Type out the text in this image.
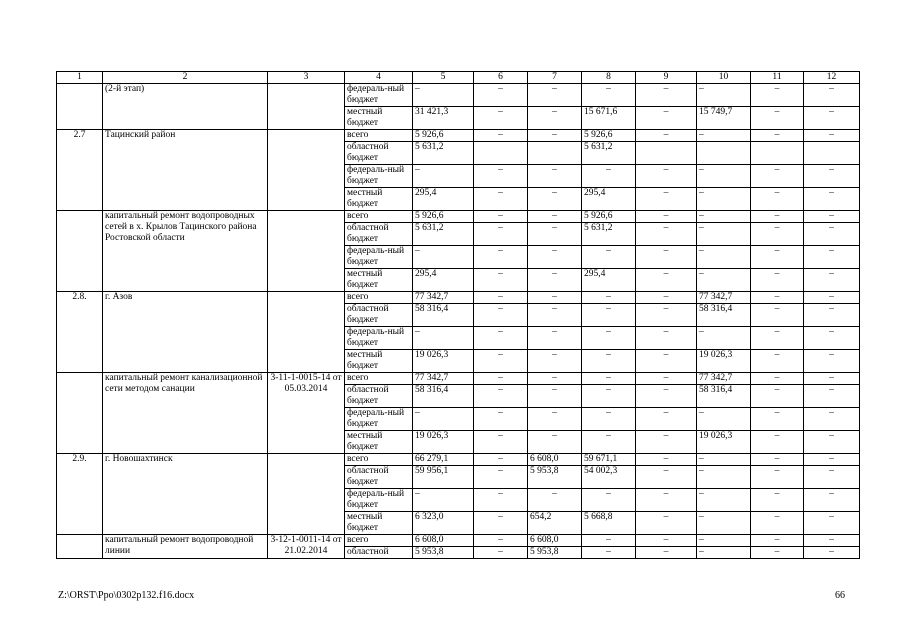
1	2	3	4	5	6	7	8	9	10	11	12
	(2-й этап)		федераль-ный бюджет	–	–	–	–	–	–	–	–
			местный бюджет	31 421,3	–	–	15 671,6	–	15 749,7	–	–
2.7	Тацинский район		всего	5 926,6	–	–	5 926,6	–	–	–	–
			областной бюджет	5 631,2			5 631,2				
			федераль-ный бюджет	–	–	–	–	–	–	–	–
			местный бюджет	295,4	–	–	295,4	–	–	–	–
	капитальный ремонт водопроводных сетей в х. Крылов Тацинского района Ростовской области		всего	5 926,6	–	–	5 926,6	–	–	–	–
			областной бюджет	5 631,2	–	–	5 631,2	–	–	–	–
			федераль-ный бюджет	–	–	–	–	–	–	–	–
			местный бюджет	295,4	–	–	295,4	–	–	–	–
2.8.	г. Азов		всего	77 342,7	–	–	–	–	77 342,7	–	–
			областной бюджет	58 316,4	–	–	–	–	58 316,4	–	–
			федераль-ный бюджет	–	–	–	–	–	–	–	–
			местный бюджет	19 026,3	–	–	–	–	19 026,3	–	–
	капитальный ремонт канализационной сети методом санации	3-11-1-0015-14 от 05.03.2014	всего	77 342,7	–	–	–	–	77 342,7	–	–
			областной бюджет	58 316,4	–	–	–	–	58 316,4	–	–
			федераль-ный бюджет	–	–	–	–	–	–	–	–
			местный бюджет	19 026,3	–	–	–	–	19 026,3	–	–
2.9.	г. Новошахтинск		всего	66 279,1	–	6 608,0	59 671,1	–	–	–	–
			областной бюджет	59 956,1	–	5 953,8	54 002,3	–	–	–	–
			федераль-ный бюджет	–	–	–	–	–	–	–	–
			местный бюджет	6 323,0	–	654,2	5 668,8	–	–	–	–
	капитальный ремонт водопроводной линии	3-12-1-0011-14 от 21.02.2014	всего	6 608,0	–	6 608,0	–	–	–	–	–
			областной	5 953,8	–	5 953,8	–	–	–	–	–
Z:\ORST\Ppo\0302p132.f16.docx	66
